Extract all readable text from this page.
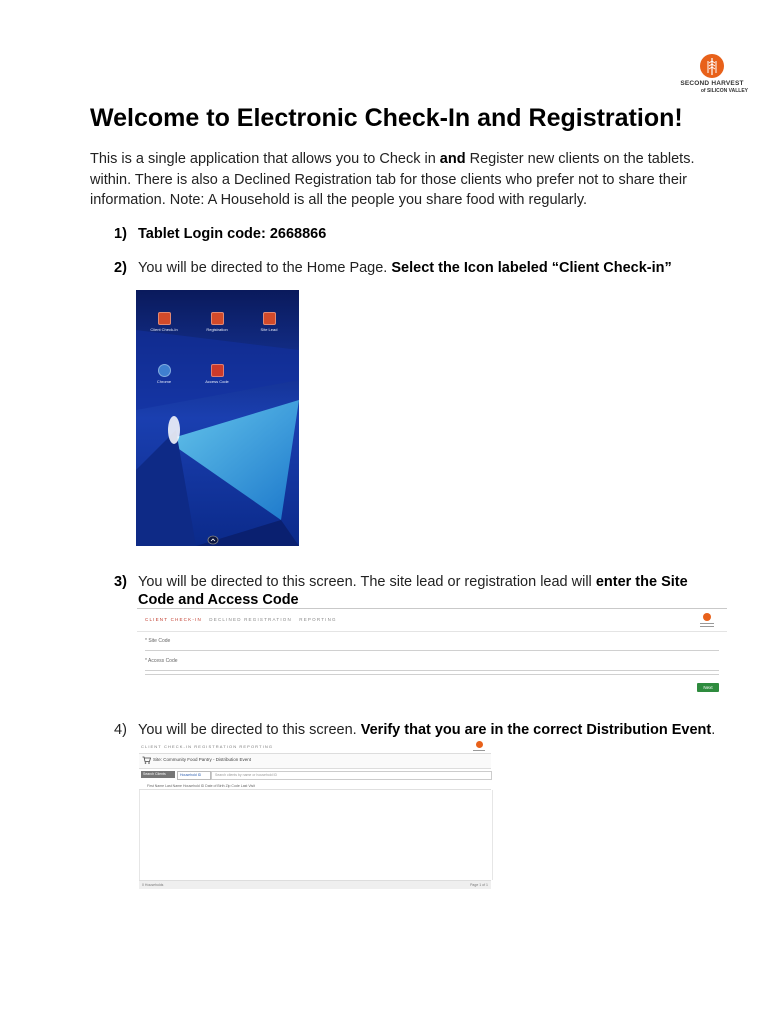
SECOND HARVEST
of SILICON VALLEY
Welcome to Electronic Check-In and Registration!
This is a single application that allows you to Check in and Register new clients on the tablets. within. There is also a Declined Registration tab for those clients who prefer not to share their information. Note: A Household is all the people you share food with regularly.
1) Tablet Login code: 2668866
2) You will be directed to the Home Page. Select the Icon labeled “Client Check-in”
Client Check-In	Registration	Site Lead
Chrome	Access Code
3) You will be directed to this screen. The site lead or registration lead will enter the Site
Code and Access Code
CLIENT CHECK-IN DECLINED REGISTRATION REPORTING
* Site Code
* Access Code
Next
4) You will be directed to this screen. Verify that you are in the correct Distribution Event.
CLIENT CHECK-IN REGISTRATION REPORTING
Site: Community Food Pantry - Distribution Event
Search Clients	Household ID	Search clients by name or household ID
First Name Last Name Household ID Date of Birth Zip Code Last Visit
0 Households	Page 1 of 1
